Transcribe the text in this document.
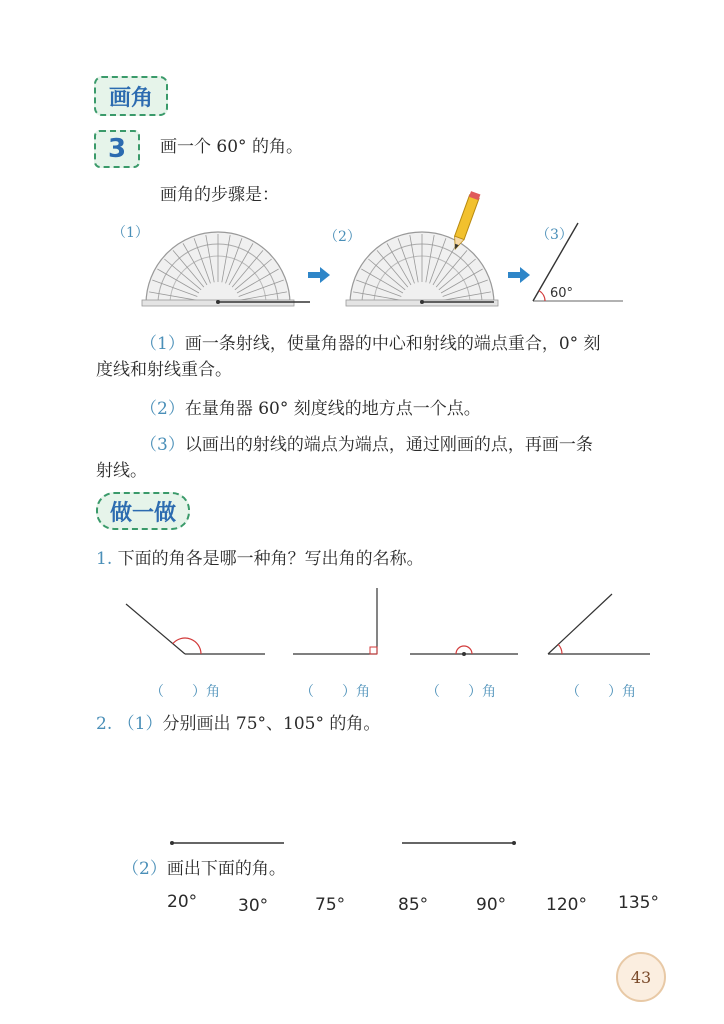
画角
3 画一个 60° 的角。
画角的步骤是：
（1）	（2）	（3）
60°
（1）画一条射线，使量角器的中心和射线的端点重合，0° 刻
度线和射线重合。
（2）在量角器 60° 刻度线的地方点一个点。
（3）以画出的射线的端点为端点，通过刚画的点，再画一条
射线。
做一做
1. 下面的角各是哪一种角？写出角的名称。
（　　）角	（　　）角	（　　）角	（　　）角
2. （1）分别画出 75°、105° 的角。
（2）画出下面的角。
20° 30°	75°	85°	90° 120° 135°
43
